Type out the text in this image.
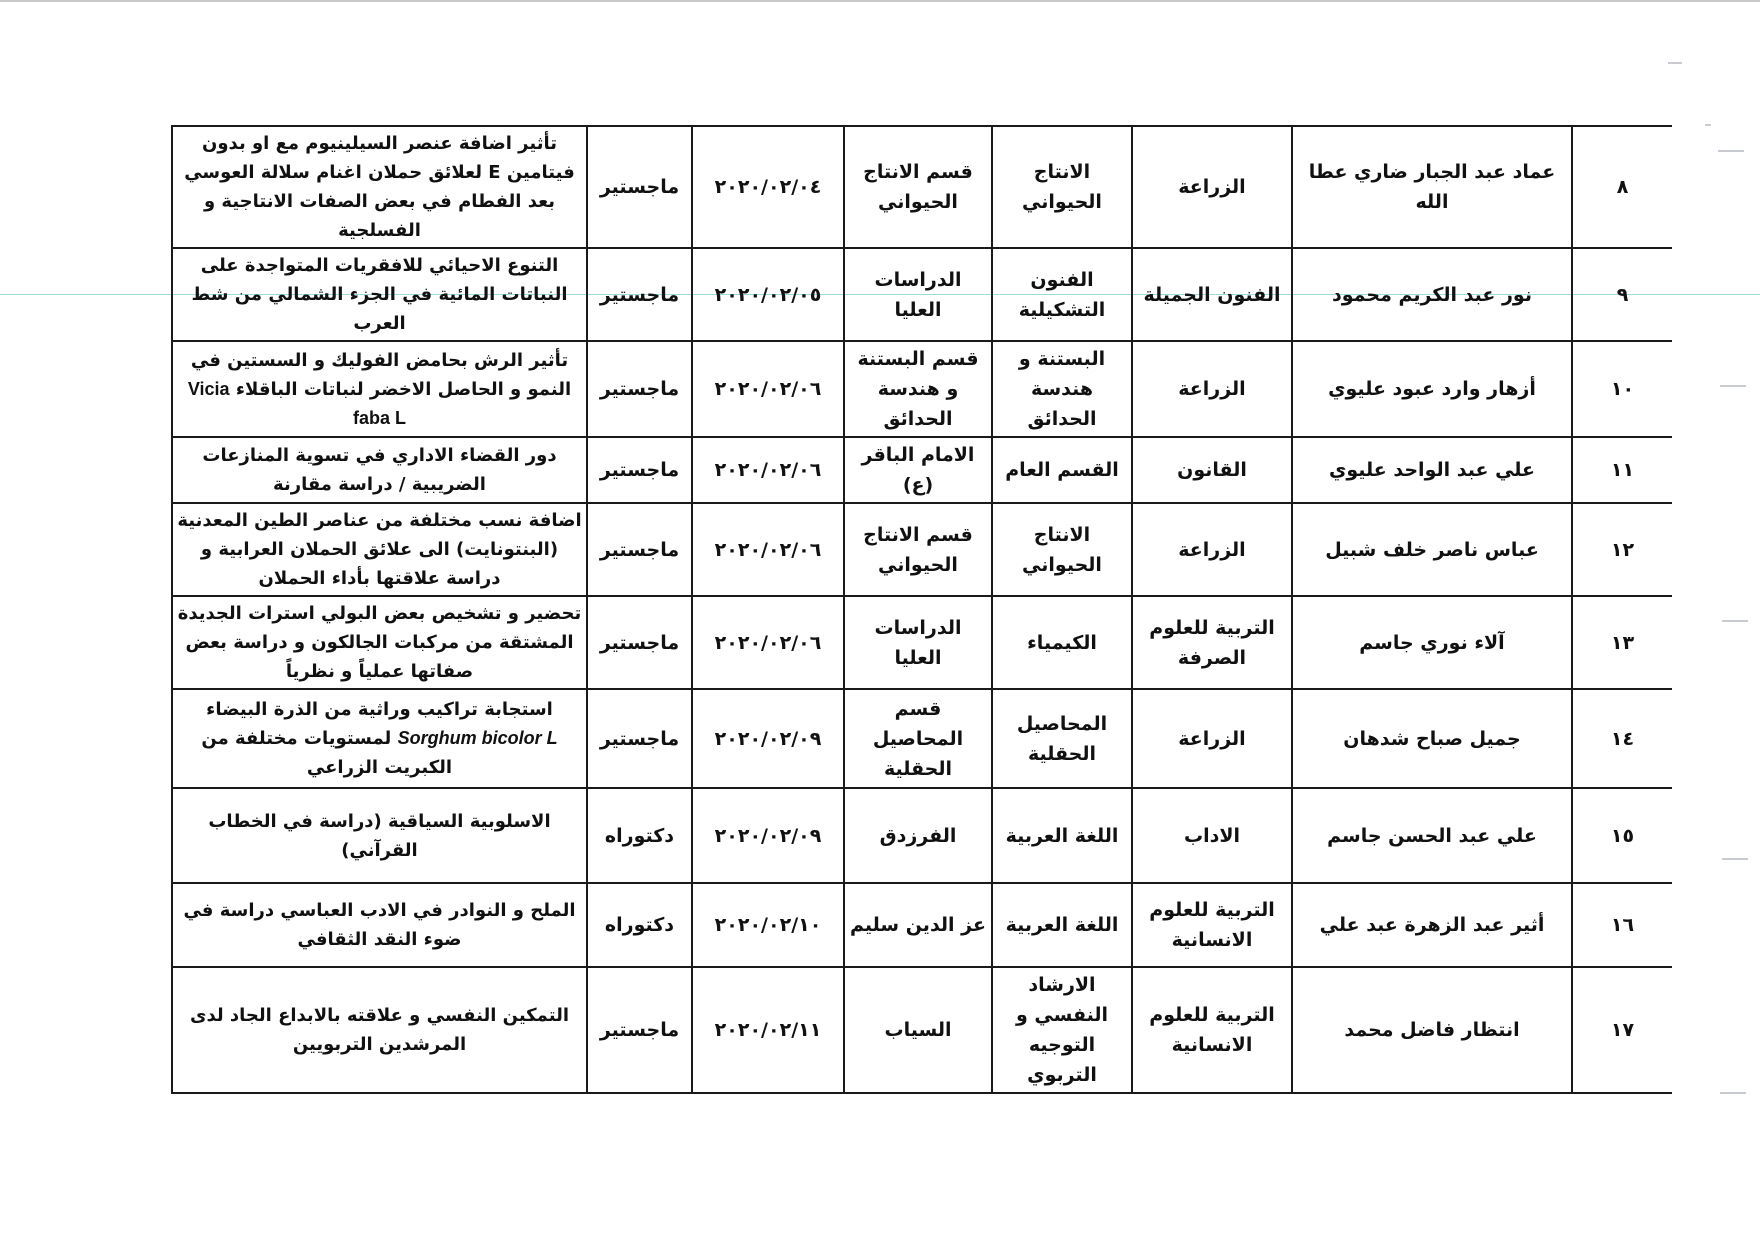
٨	عماد عبد الجبار ضاري عطا الله	الزراعة	الانتاج الحيواني	قسم الانتاج الحيواني	٢٠٢٠/٠٢/٠٤	ماجستير	تأثير اضافة عنصر السيلينيوم مع او بدون فيتامين E لعلائق حملان اغنام سلالة العوسي بعد الفطام في بعض الصفات الانتاجية و الفسلجية
٩	نور عبد الكريم محمود	الفنون الجميلة	الفنون التشكيلية	الدراسات العليا	٢٠٢٠/٠٢/٠٥	ماجستير	التنوع الاحيائي للافقريات المتواجدة على النباتات المائية في الجزء الشمالي من شط العرب
١٠	أزهار وارد عبود عليوي	الزراعة	البستنة و هندسة الحدائق	قسم البستنة و هندسة الحدائق	٢٠٢٠/٠٢/٠٦	ماجستير	تأثير الرش بحامض الفوليك و السستين في النمو و الحاصل الاخضر لنباتات الباقلاء Vicia faba L
١١	علي عبد الواحد عليوي	القانون	القسم العام	الامام الباقر (ع)	٢٠٢٠/٠٢/٠٦	ماجستير	دور القضاء الاداري في تسوية المنازعات الضريبية / دراسة مقارنة
١٢	عباس ناصر خلف شبيل	الزراعة	الانتاج الحيواني	قسم الانتاج الحيواني	٢٠٢٠/٠٢/٠٦	ماجستير	اضافة نسب مختلفة من عناصر الطين المعدنية (البنتونايت) الى علائق الحملان العرابية و دراسة علاقتها بأداء الحملان
١٣	آلاء نوري جاسم	التربية للعلوم الصرفة	الكيمياء	الدراسات العليا	٢٠٢٠/٠٢/٠٦	ماجستير	تحضير و تشخيص بعض البولي استرات الجديدة المشتقة من مركبات الجالكون و دراسة بعض صفاتها عملياً و نظرياً
١٤	جميل صباح شدهان	الزراعة	المحاصيل الحقلية	قسم المحاصيل الحقلية	٢٠٢٠/٠٢/٠٩	ماجستير	استجابة تراكيب وراثية من الذرة البيضاء Sorghum bicolor L لمستويات مختلفة من الكبريت الزراعي
١٥	علي عبد الحسن جاسم	الاداب	اللغة العربية	الفرزدق	٢٠٢٠/٠٢/٠٩	دكتوراه	الاسلوبية السياقية (دراسة في الخطاب القرآني)
١٦	أثير عبد الزهرة عبد علي	التربية للعلوم الانسانية	اللغة العربية	عز الدين سليم	٢٠٢٠/٠٢/١٠	دكتوراه	الملح و النوادر في الادب العباسي دراسة في ضوء النقد الثقافي
١٧	انتظار فاضل محمد	التربية للعلوم الانسانية	الارشاد النفسي و التوجيه التربوي	السياب	٢٠٢٠/٠٢/١١	ماجستير	التمكين النفسي و علاقته بالابداع الجاد لدى المرشدين التربويين
